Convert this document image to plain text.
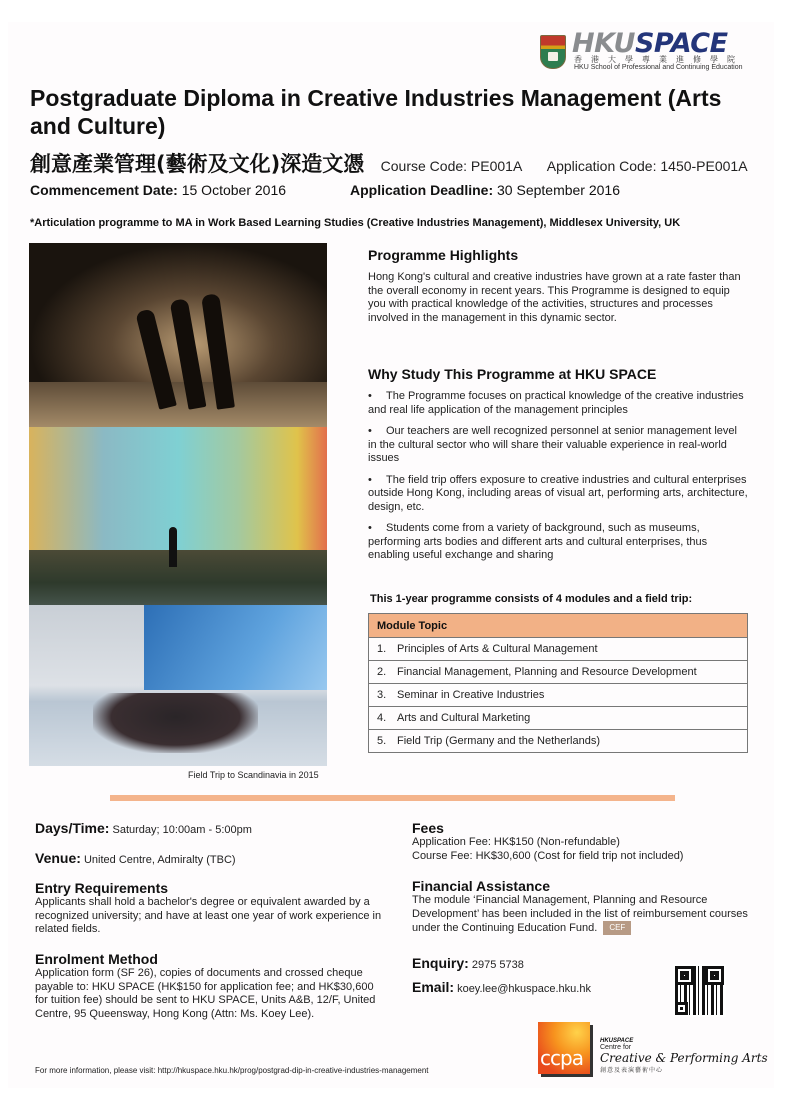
HKUSPACE
香港大學專業進修學院
HKU School of Professional and Continuing Education
Postgraduate Diploma in Creative Industries Management (Arts and Culture)
創意產業管理(藝術及文化)深造文憑 Course Code: PE001A Application Code: 1450-PE001A
Commencement Date: 15 October 2016	Application Deadline: 30 September 2016
*Articulation programme to MA in Work Based Learning Studies (Creative Industries Management), Middlesex University, UK
Field Trip to Scandinavia in 2015
Programme Highlights
Hong Kong's cultural and creative industries have grown at a rate faster than the overall economy in recent years. This Programme is designed to equip you with practical knowledge of the activities, structures and processes involved in the management in this dynamic sector.
Why Study This Programme at HKU SPACE
• The Programme focuses on practical knowledge of the creative industries and real life application of the management principles
• Our teachers are well recognized personnel at senior management level in the cultural sector who will share their valuable experience in real-world issues
• The field trip offers exposure to creative industries and cultural enterprises outside Hong Kong, including areas of visual art, performing arts, architecture, design, etc.
• Students come from a variety of background, such as museums, performing arts bodies and different arts and cultural enterprises, thus enabling useful exchange and sharing
This 1-year programme consists of 4 modules and a field trip:
Module Topic
1. Principles of Arts & Cultural Management
2. Financial Management, Planning and Resource Development
3. Seminar in Creative Industries
4. Arts and Cultural Marketing
5. Field Trip (Germany and the Netherlands)
Days/Time: Saturday; 10:00am - 5:00pm
Venue: United Centre, Admiralty (TBC)
Entry Requirements
Applicants shall hold a bachelor's degree or equivalent awarded by a recognized university; and have at least one year of work experience in related fields.
Enrolment Method
Application form (SF 26), copies of documents and crossed cheque payable to: HKU SPACE (HK$150 for application fee; and HK$30,600 for tuition fee) should be sent to HKU SPACE, Units A&B, 12/F, United Centre, 95 Queensway, Hong Kong (Attn: Ms. Koey Lee).
Fees
Application Fee: HK$150 (Non-refundable)
Course Fee: HK$30,600 (Cost for field trip not included)
Financial Assistance
The module ‘Financial Management, Planning and Resource Development’ has been included in the list of reimbursement courses under the Continuing Education Fund. CEF
Enquiry: 2975 5738
Email: koey.lee@hkuspace.hku.hk
ccpa
HKUSPACE
Centre for
Creative & Performing Arts
創意及表演藝術中心
For more information, please visit: http://hkuspace.hku.hk/prog/postgrad-dip-in-creative-industries-management
